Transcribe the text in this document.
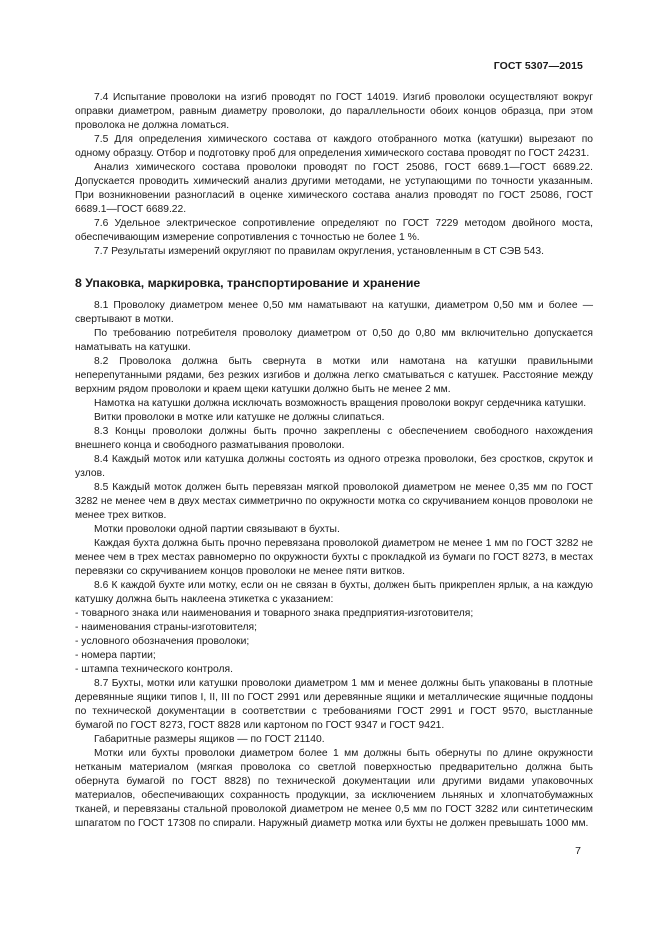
ГОСТ 5307—2015

7.4 Испытание проволоки на изгиб проводят по ГОСТ 14019. Изгиб проволоки осуществляют вокруг оправки диаметром, равным диаметру проволоки, до параллельности обоих концов образца, при этом проволока не должна ломаться.

7.5 Для определения химического состава от каждого отобранного мотка (катушки) вырезают по одному образцу. Отбор и подготовку проб для определения химического состава проводят по ГОСТ 24231.

Анализ химического состава проволоки проводят по ГОСТ 25086, ГОСТ 6689.1—ГОСТ 6689.22. Допускается проводить химический анализ другими методами, не уступающими по точности указанным. При возникновении разногласий в оценке химического состава анализ проводят по ГОСТ 25086, ГОСТ 6689.1—ГОСТ 6689.22.

7.6 Удельное электрическое сопротивление определяют по ГОСТ 7229 методом двойного моста, обеспечивающим измерение сопротивления с точностью не более 1 %.

7.7 Результаты измерений округляют по правилам округления, установленным в СТ СЭВ 543.

8 Упаковка, маркировка, транспортирование и хранение

8.1 Проволоку диаметром менее 0,50 мм наматывают на катушки, диаметром 0,50 мм и более — свертывают в мотки.

По требованию потребителя проволоку диаметром от 0,50 до 0,80 мм включительно допускается наматывать на катушки.

8.2 Проволока должна быть свернута в мотки или намотана на катушки правильными неперепутанными рядами, без резких изгибов и должна легко сматываться с катушек. Расстояние между верхним рядом проволоки и краем щеки катушки должно быть не менее 2 мм.

Намотка на катушки должна исключать возможность вращения проволоки вокруг сердечника катушки.

Витки проволоки в мотке или катушке не должны слипаться.

8.3 Концы проволоки должны быть прочно закреплены с обеспечением свободного нахождения внешнего конца и свободного разматывания проволоки.

8.4 Каждый моток или катушка должны состоять из одного отрезка проволоки, без сростков, скруток и узлов.

8.5 Каждый моток должен быть перевязан мягкой проволокой диаметром не менее 0,35 мм по ГОСТ 3282 не менее чем в двух местах симметрично по окружности мотка со скручиванием концов проволоки не менее трех витков.

Мотки проволоки одной партии связывают в бухты.

Каждая бухта должна быть прочно перевязана проволокой диаметром не менее 1 мм по ГОСТ 3282 не менее чем в трех местах равномерно по окружности бухты с прокладкой из бумаги по ГОСТ 8273, в местах перевязки со скручиванием концов проволоки не менее пяти витков.

8.6 К каждой бухте или мотку, если он не связан в бухты, должен быть прикреплен ярлык, а на каждую катушку должна быть наклеена этикетка с указанием:

- товарного знака или наименования и товарного знака предприятия-изготовителя;

- наименования страны-изготовителя;

- условного обозначения проволоки;

- номера партии;

- штампа технического контроля.

8.7 Бухты, мотки или катушки проволоки диаметром 1 мм и менее должны быть упакованы в плотные деревянные ящики типов I, II, III по ГОСТ 2991 или деревянные ящики и металлические ящичные поддоны по технической документации в соответствии с требованиями ГОСТ 2991 и ГОСТ 9570, выстланные бумагой по ГОСТ 8273, ГОСТ 8828 или картоном по ГОСТ 9347 и ГОСТ 9421.

Габаритные размеры ящиков — по ГОСТ 21140.

Мотки или бухты проволоки диаметром более 1 мм должны быть обернуты по длине окружности нетканым материалом (мягкая проволока со светлой поверхностью предварительно должна быть обернута бумагой по ГОСТ 8828) по технической документации или другими видами упаковочных материалов, обеспечивающих сохранность продукции, за исключением льняных и хлопчатобумажных тканей, и перевязаны стальной проволокой диаметром не менее 0,5 мм по ГОСТ 3282 или синтетическим шпагатом по ГОСТ 17308 по спирали. Наружный диаметр мотка или бухты не должен превышать 1000 мм.

7
